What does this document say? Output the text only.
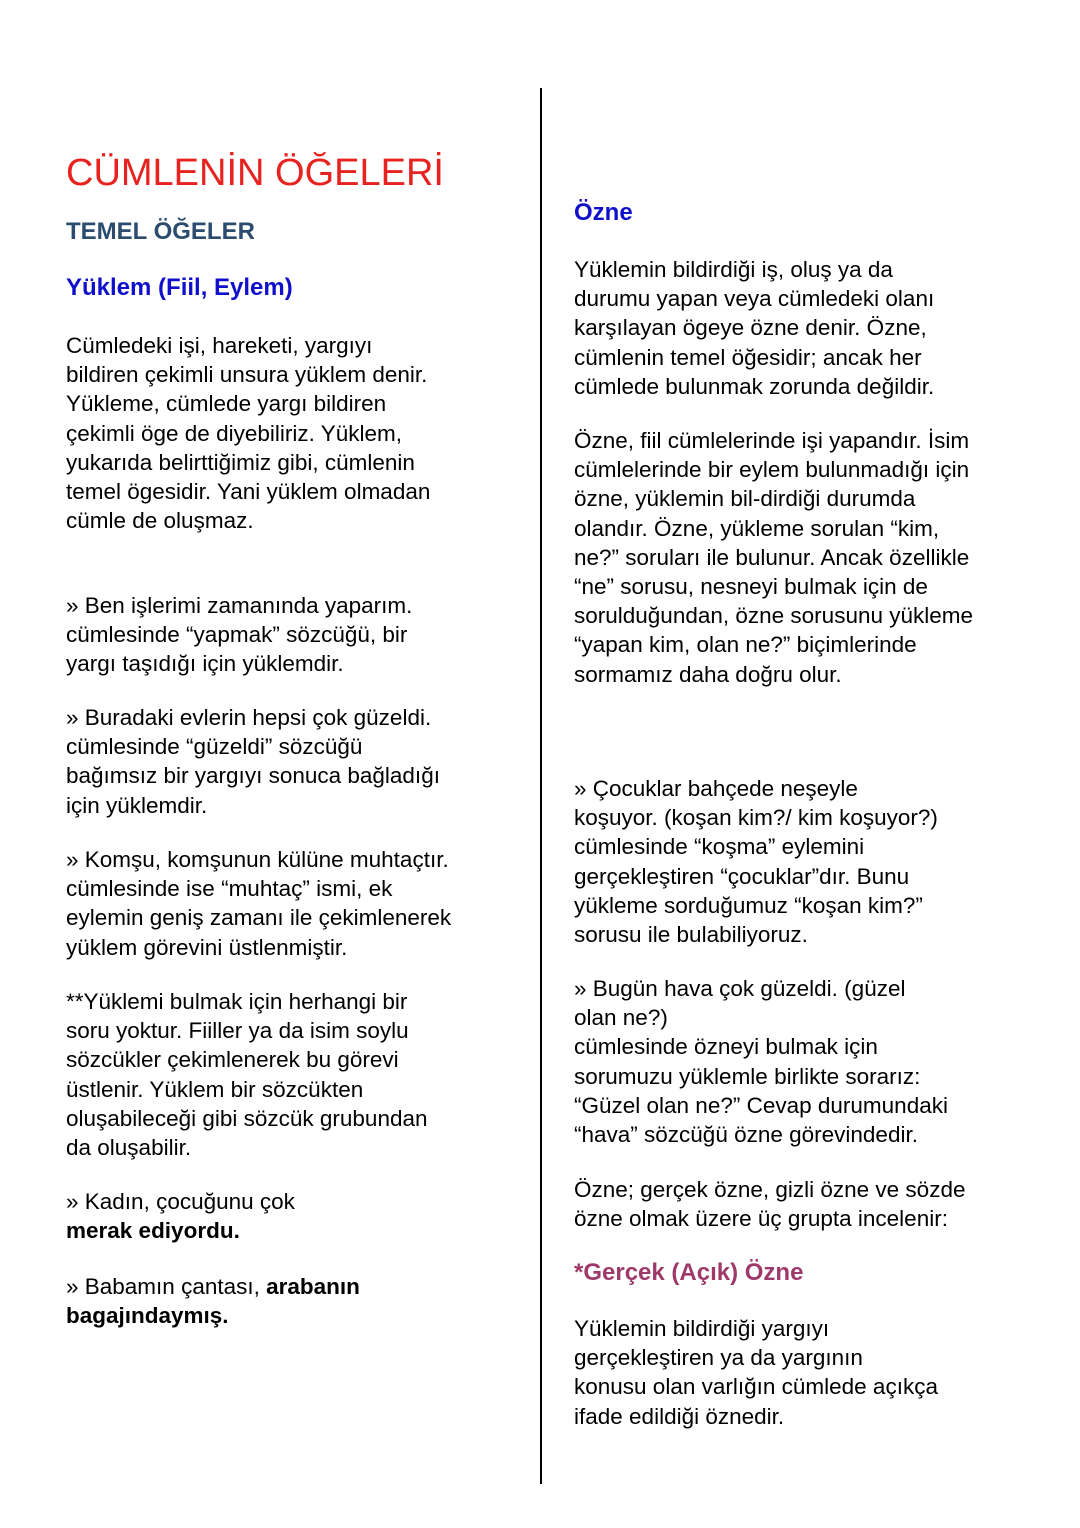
CÜMLENİN ÖĞELERİ
TEMEL ÖĞELER
Yüklem (Fiil, Eylem)

Cümledeki işi, hareketi, yargıyı
bildiren çekimli unsura yüklem denir.
Yükleme, cümlede yargı bildiren
çekimli öge de diyebiliriz. Yüklem,
yukarıda belirttiğimiz gibi, cümlenin
temel ögesidir. Yani yüklem olmadan
cümle de oluşmaz.

» Ben işlerimi zamanında yaparım.
cümlesinde “yapmak” sözcüğü, bir
yargı taşıdığı için yüklemdir.

» Buradaki evlerin hepsi çok güzeldi.
cümlesinde “güzeldi” sözcüğü
bağımsız bir yargıyı sonuca bağladığı
için yüklemdir.

» Komşu, komşunun külüne muhtaçtır.
cümlesinde ise “muhtaç” ismi, ek
eylemin geniş zamanı ile çekimlenerek
yüklem görevini üstlenmiştir.

**Yüklemi bulmak için herhangi bir
soru yoktur. Fiiller ya da isim soylu
sözcükler çekimlenerek bu görevi
üstlenir. Yüklem bir sözcükten
oluşabileceği gibi sözcük grubundan
da oluşabilir.

» Kadın, çocuğunu çok
merak ediyordu.

» Babamın çantası, arabanın
bagajındaymış.

Özne

Yüklemin bildirdiği iş, oluş ya da
durumu yapan veya cümledeki olanı
karşılayan ögeye özne denir. Özne,
cümlenin temel öğesidir; ancak her
cümlede bulunmak zorunda değildir.

Özne, fiil cümlelerinde işi yapandır. İsim
cümlelerinde bir eylem bulunmadığı için
özne, yüklemin bil-dirdiği durumda
olandır. Özne, yükleme sorulan “kim,
ne?” soruları ile bulunur. Ancak özellikle
“ne” sorusu, nesneyi bulmak için de
sorulduğundan, özne sorusunu yükleme
“yapan kim, olan ne?” biçimlerinde
sormamız daha doğru olur.

» Çocuklar bahçede neşeyle
koşuyor. (koşan kim?/ kim koşuyor?)
cümlesinde “koşma” eylemini
gerçekleştiren “çocuklar”dır. Bunu
yükleme sorduğumuz “koşan kim?”
sorusu ile bulabiliyoruz.

» Bugün hava çok güzeldi. (güzel
olan ne?)
cümlesinde özneyi bulmak için
sorumuzu yüklemle birlikte sorarız:
“Güzel olan ne?” Cevap durumundaki
“hava” sözcüğü özne görevindedir.

Özne; gerçek özne, gizli özne ve sözde
özne olmak üzere üç grupta incelenir:

*Gerçek (Açık) Özne

Yüklemin bildirdiği yargıyı
gerçekleştiren ya da yargının
konusu olan varlığın cümlede açıkça
ifade edildiği öznedir.
